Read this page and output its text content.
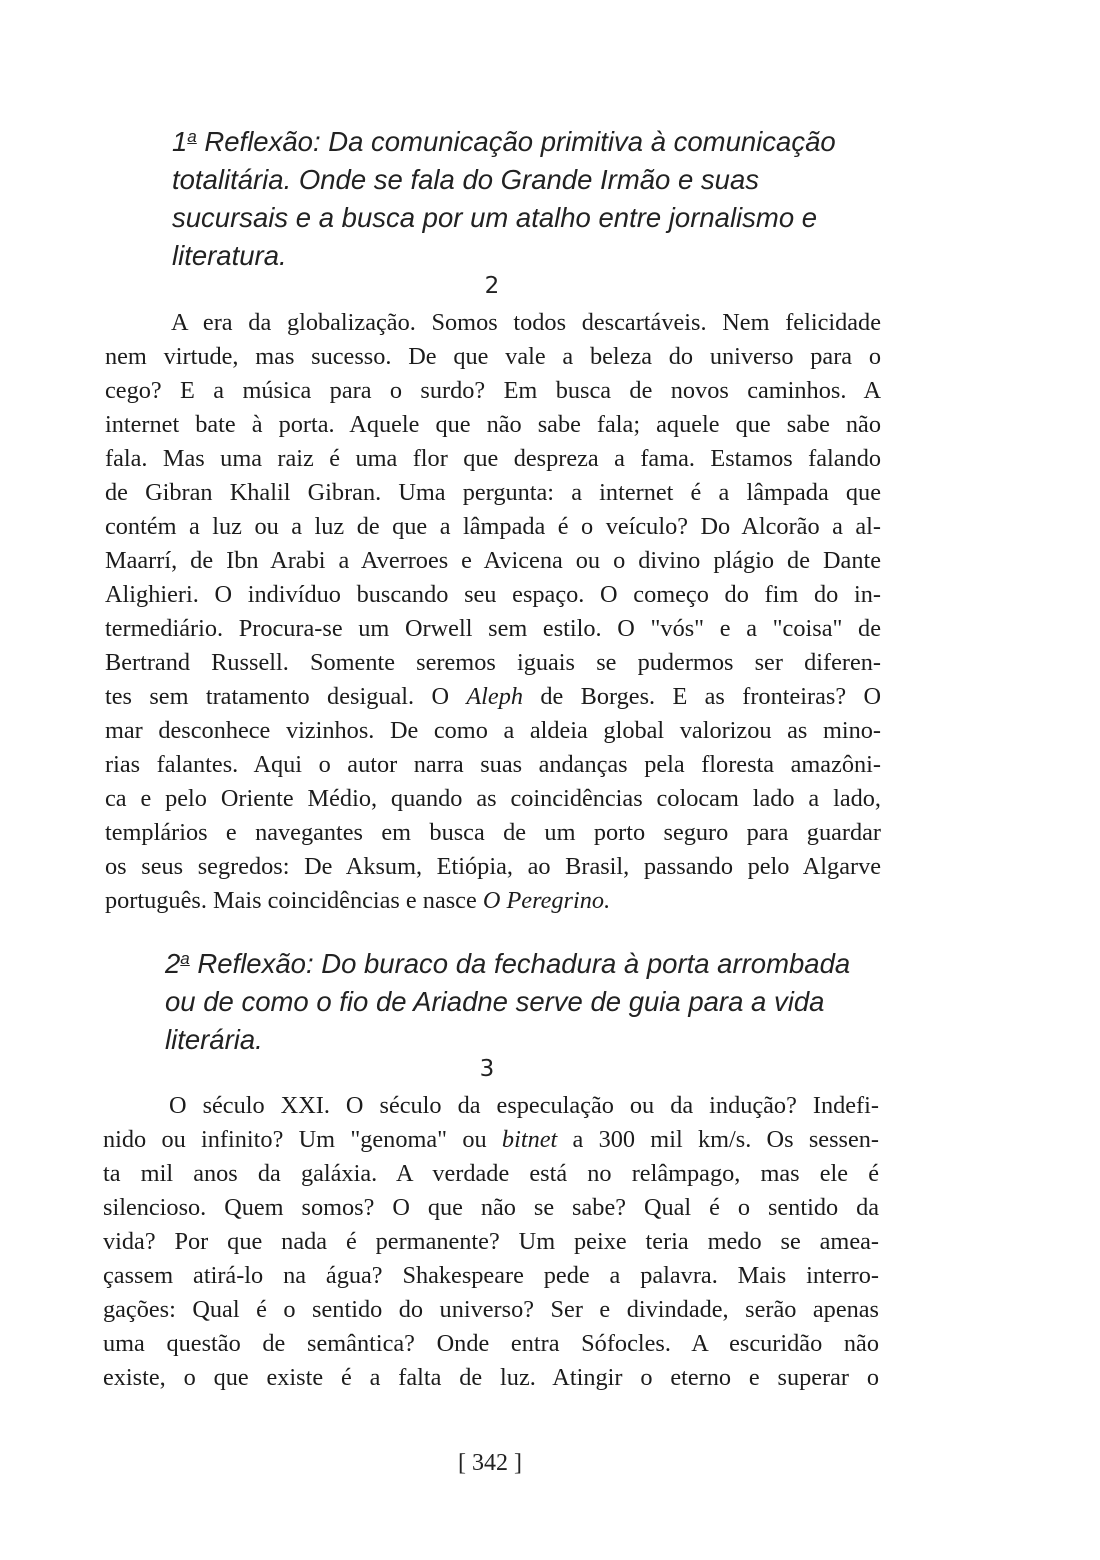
1$^a$ Reflexão: Da comunicação primitiva à comunicação
totalitária. Onde se fala do Grande Irmão e suas
sucursais e a busca por um atalho entre jornalismo e
literatura.
2
A era da globalização. Somos todos descartáveis. Nem felicidade
nem virtude, mas sucesso. De que vale a beleza do universo para o
cego? E a música para o surdo? Em busca de novos caminhos. A
internet bate à porta. Aquele que não sabe fala; aquele que sabe não
fala. Mas uma raiz é uma flor que despreza a fama. Estamos falando
de Gibran Khalil Gibran. Uma pergunta: a internet é a lâmpada que
contém a luz ou a luz de que a lâmpada é o veículo? Do Alcorão a al-
Maarrí, de Ibn Arabi a Averroes e Avicena ou o divino plágio de Dante
Alighieri. O indivíduo buscando seu espaço. O começo do fim do in-
termediário. Procura-se um Orwell sem estilo. O "vós" e a "coisa" de
Bertrand Russell. Somente seremos iguais se pudermos ser diferen-
tes sem tratamento desigual. O Aleph de Borges. E as fronteiras? O
mar desconhece vizinhos. De como a aldeia global valorizou as mino-
rias falantes. Aqui o autor narra suas andanças pela floresta amazôni-
ca e pelo Oriente Médio, quando as coincidências colocam lado a lado,
templários e navegantes em busca de um porto seguro para guardar
os seus segredos: De Aksum, Etiópia, ao Brasil, passando pelo Algarve
português. Mais coincidências e nasce O Peregrino.
2$^a$ Reflexão: Do buraco da fechadura à porta arrombada
ou de como o fio de Ariadne serve de guia para a vida
literária.
3
O século XXI. O século da especulação ou da indução? Indefi-
nido ou infinito? Um "genoma" ou bitnet a 300 mil km/s. Os sessen-
ta mil anos da galáxia. A verdade está no relâmpago, mas ele é
silencioso. Quem somos? O que não se sabe? Qual é o sentido da
vida? Por que nada é permanente? Um peixe teria medo se amea-
çassem atirá-lo na água? Shakespeare pede a palavra. Mais interro-
gações: Qual é o sentido do universo? Ser e divindade, serão apenas
uma questão de semântica? Onde entra Sófocles. A escuridão não
existe, o que existe é a falta de luz. Atingir o eterno e superar o
[ 342 ]
